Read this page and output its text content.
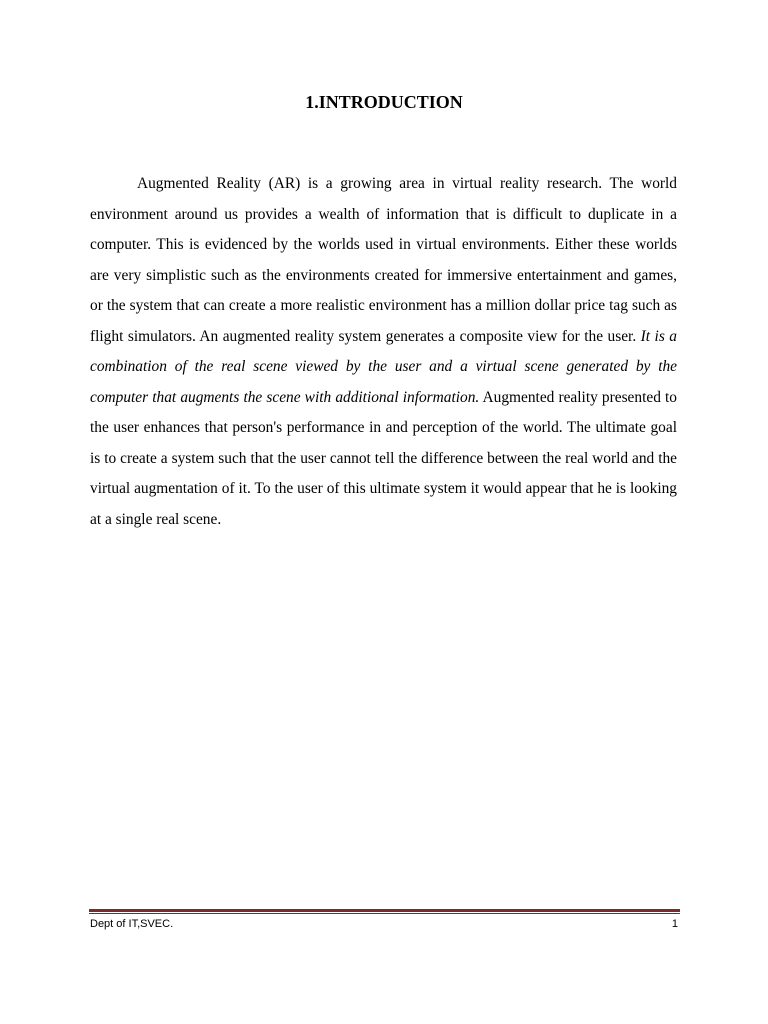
1.INTRODUCTION

Augmented Reality (AR) is a growing area in virtual reality research. The world environment around us provides a wealth of information that is difficult to duplicate in a computer. This is evidenced by the worlds used in virtual environments. Either these worlds are very simplistic such as the environments created for immersive entertainment and games, or the system that can create a more realistic environment has a million dollar price tag such as flight simulators. An augmented reality system generates a composite view for the user. It is a combination of the real scene viewed by the user and a virtual scene generated by the computer that augments the scene with additional information. Augmented reality presented to the user enhances that person's performance in and perception of the world. The ultimate goal is to create a system such that the user cannot tell the difference between the real world and the virtual augmentation of it. To the user of this ultimate system it would appear that he is looking at a single real scene.

Dept of IT,SVEC.	1
